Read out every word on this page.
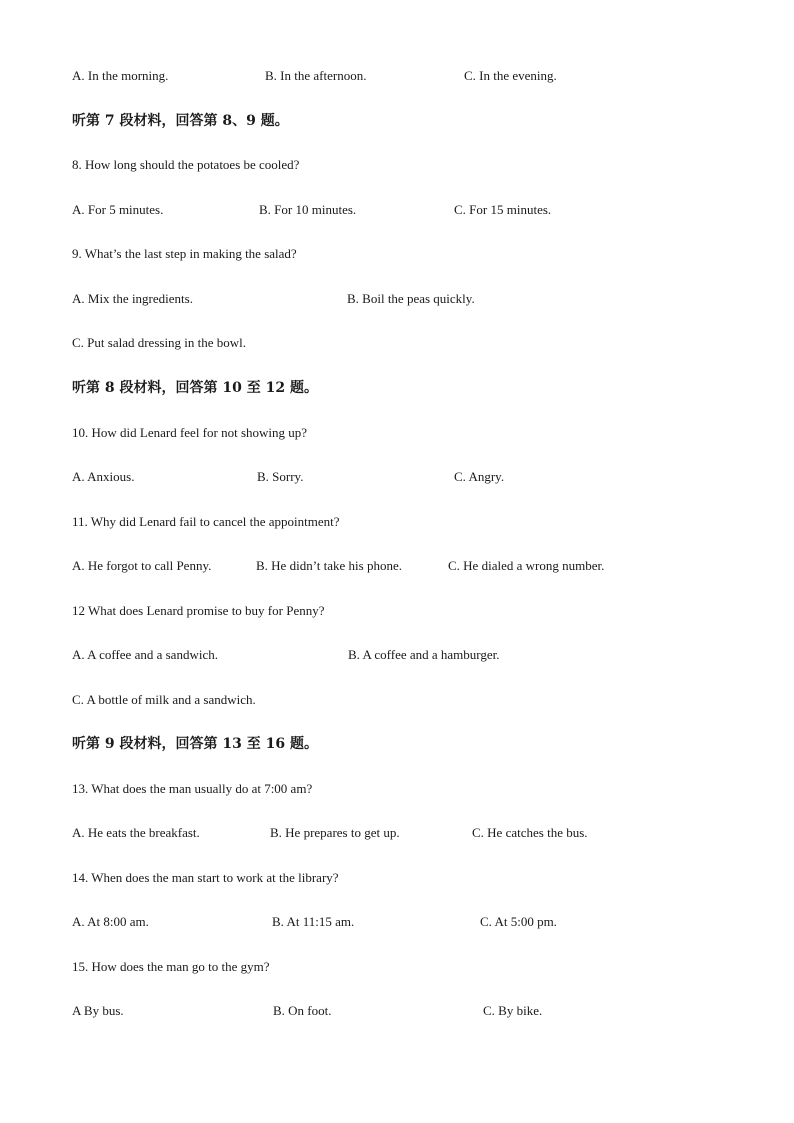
A. In the morning.	B. In the afternoon.	C. In the evening.
听第 7 段材料，回答第 8、9 题。
8. How long should the potatoes be cooled?
A. For 5 minutes.	B. For 10 minutes.	C. For 15 minutes.
9. What’s the last step in making the salad?
A. Mix the ingredients.	B. Boil the peas quickly.
C. Put salad dressing in the bowl.
听第 8 段材料，回答第 10 至 12 题。
10. How did Lenard feel for not showing up?
A. Anxious.	B. Sorry.	C. Angry.
11. Why did Lenard fail to cancel the appointment?
A. He forgot to call Penny.	B. He didn’t take his phone.	C. He dialed a wrong number.
12 What does Lenard promise to buy for Penny?
A. A coffee and a sandwich.	B. A coffee and a hamburger.
C. A bottle of milk and a sandwich.
听第 9 段材料，回答第 13 至 16 题。
13. What does the man usually do at 7:00 am?
A. He eats the breakfast.	B. He prepares to get up.	C. He catches the bus.
14. When does the man start to work at the library?
A. At 8:00 am.	B. At 11:15 am.	C. At 5:00 pm.
15. How does the man go to the gym?
A By bus.	B. On foot.	C. By bike.
